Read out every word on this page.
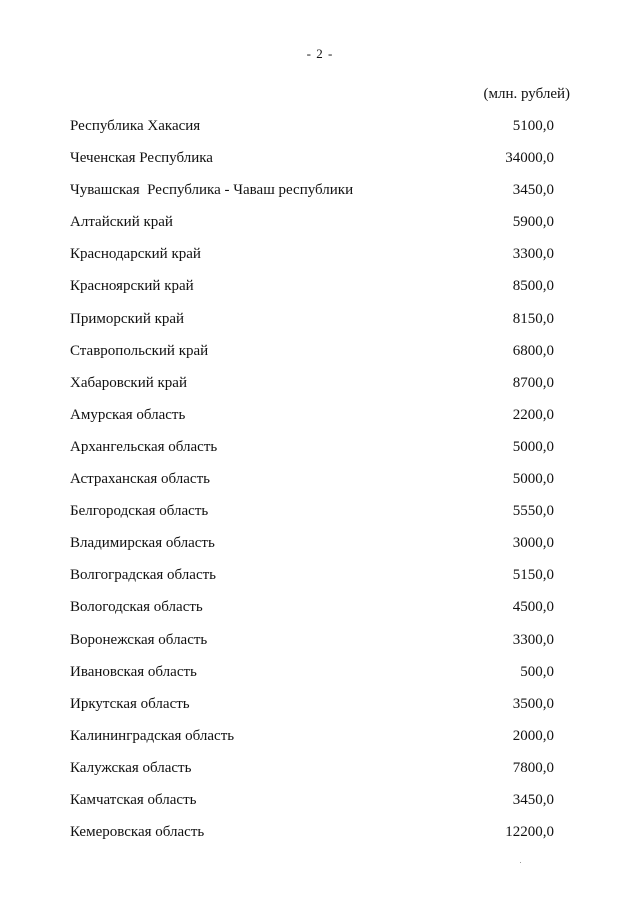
- 2 -
(млн. рублей)
Республика Хакасия	5100,0
Чеченская Республика	34000,0
Чувашская  Республика - Чаваш республики	3450,0
Алтайский край	5900,0
Краснодарский край	3300,0
Красноярский край	8500,0
Приморский край	8150,0
Ставропольский край	6800,0
Хабаровский край	8700,0
Амурская область	2200,0
Архангельская область	5000,0
Астраханская область	5000,0
Белгородская область	5550,0
Владимирская область	3000,0
Волгоградская область	5150,0
Вологодская область	4500,0
Воронежская область	3300,0
Ивановская область	500,0
Иркутская область	3500,0
Калининградская область	2000,0
Калужская область	7800,0
Камчатская область	3450,0
Кемеровская область	12200,0
